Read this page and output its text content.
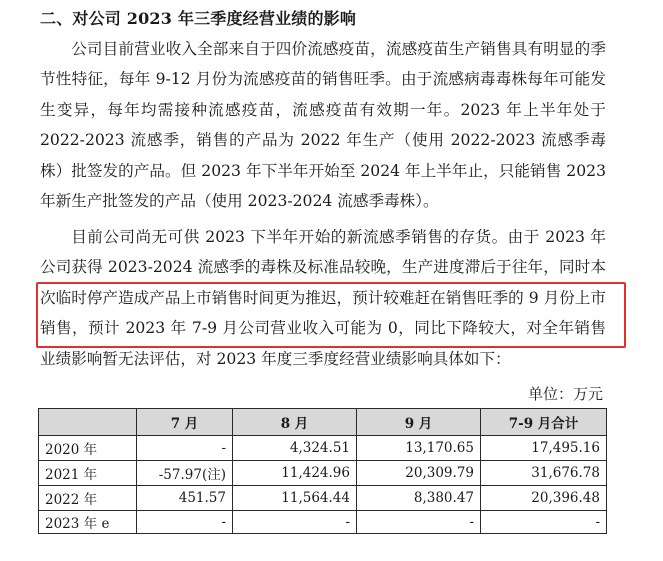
二、对公司 2023 年三季度经营业绩的影响

公司目前营业收入全部来自于四价流感疫苗，流感疫苗生产销售具有明显的季节性特征，每年 9-12 月份为流感疫苗的销售旺季。由于流感病毒毒株每年可能发生变异，每年均需接种流感疫苗，流感疫苗有效期一年。2023 年上半年处于 2022-2023 流感季，销售的产品为 2022 年生产（使用 2022-2023 流感季毒株）批签发的产品。但 2023 年下半年开始至 2024 年上半年止，只能销售 2023 年新生产批签发的产品（使用 2023-2024 流感季毒株）。

目前公司尚无可供 2023 下半年开始的新流感季销售的存货。由于 2023 年公司获得 2023-2024 流感季的毒株及标准品较晚，生产进度滞后于往年，同时本次临时停产造成产品上市销售时间更为推迟，预计较难赶在销售旺季的 9 月份上市销售，预计 2023 年 7-9 月公司营业收入可能为 0，同比下降较大，对全年销售业绩影响暂无法评估，对 2023 年度三季度经营业绩影响具体如下：

单位：万元
	7 月	8 月	9 月	7-9 月合计
2020 年	-	4,324.51	13,170.65	17,495.16
2021 年	-57.97(注)	11,424.96	20,309.79	31,676.78
2022 年	451.57	11,564.44	8,380.47	20,396.48
2023 年 e	-	-	-	-
